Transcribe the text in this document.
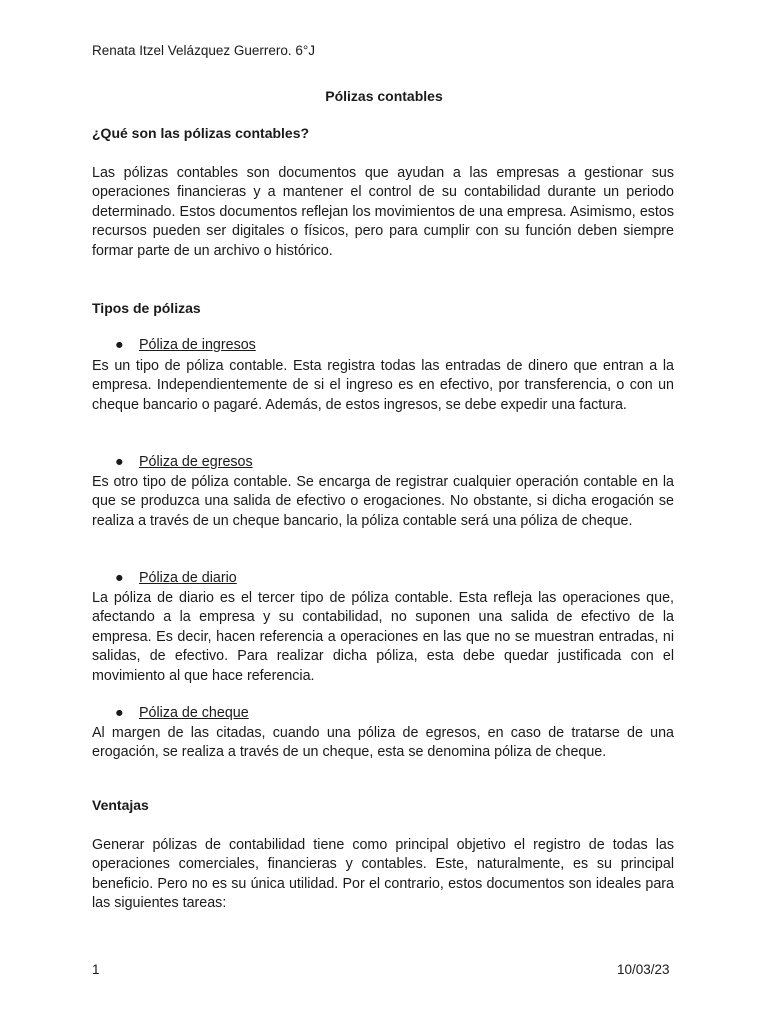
Renata Itzel Velázquez Guerrero. 6°J
Pólizas contables
¿Qué son las pólizas contables?

Las pólizas contables son documentos que ayudan a las empresas a gestionar sus operaciones financieras y a mantener el control de su contabilidad durante un periodo determinado. Estos documentos reflejan los movimientos de una empresa. Asimismo, estos recursos pueden ser digitales o físicos, pero para cumplir con su función deben siempre formar parte de un archivo o histórico.

Tipos de pólizas
● Póliza de ingresos

Es un tipo de póliza contable. Esta registra todas las entradas de dinero que entran a la empresa. Independientemente de si el ingreso es en efectivo, por transferencia, o con un cheque bancario o pagaré. Además, de estos ingresos, se debe expedir una factura.

● Póliza de egresos

Es otro tipo de póliza contable. Se encarga de registrar cualquier operación contable en la que se produzca una salida de efectivo o erogaciones. No obstante, si dicha erogación se realiza a través de un cheque bancario, la póliza contable será una póliza de cheque.

● Póliza de diario

La póliza de diario es el tercer tipo de póliza contable. Esta refleja las operaciones que, afectando a la empresa y su contabilidad, no suponen una salida de efectivo de la empresa. Es decir, hacen referencia a operaciones en las que no se muestran entradas, ni salidas, de efectivo. Para realizar dicha póliza, esta debe quedar justificada con el movimiento al que hace referencia.

● Póliza de cheque

Al margen de las citadas, cuando una póliza de egresos, en caso de tratarse de una erogación, se realiza a través de un cheque, esta se denomina póliza de cheque.

Ventajas

Generar pólizas de contabilidad tiene como principal objetivo el registro de todas las operaciones comerciales, financieras y contables. Este, naturalmente, es su principal beneficio. Pero no es su única utilidad. Por el contrario, estos documentos son ideales para las siguientes tareas:

1	10/03/23
